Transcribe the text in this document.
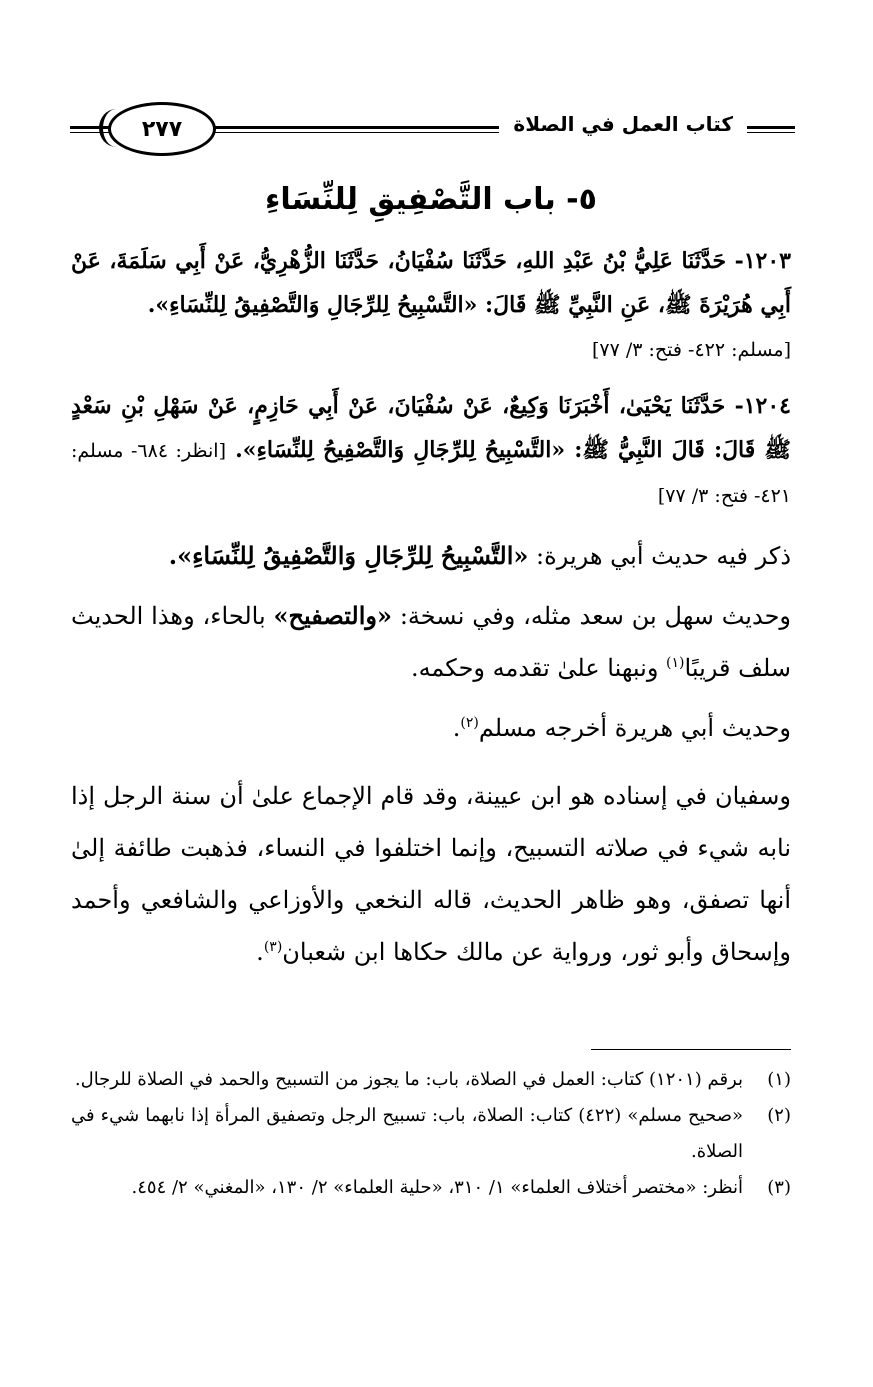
كتاب العمل في الصلاة
٢٧٧
٥- باب التَّصْفِيقِ لِلنِّسَاءِ

١٢٠٣- حَدَّثَنَا عَلِيُّ بْنُ عَبْدِ اللهِ، حَدَّثَنَا سُفْيَانُ، حَدَّثَنَا الزُّهْرِيُّ، عَنْ أَبِي سَلَمَةَ، عَنْ أَبِي هُرَيْرَةَ ﷺ، عَنِ النَّبِيِّ ﷺ قَالَ: «التَّسْبِيحُ لِلرِّجَالِ وَالتَّصْفِيقُ لِلنِّسَاءِ».
[مسلم: ٤٢٢- فتح: ٣/ ٧٧]

١٢٠٤- حَدَّثَنَا يَحْيَىٰ، أَخْبَرَنَا وَكِيعٌ، عَنْ سُفْيَانَ، عَنْ أَبِي حَازِمٍ، عَنْ سَهْلِ بْنِ سَعْدٍ ﷺ قَالَ: قَالَ النَّبِيُّ ﷺ: «التَّسْبِيحُ لِلرِّجَالِ وَالتَّصْفِيحُ لِلنِّسَاءِ». [انظر: ٦٨٤- مسلم: ٤٢١- فتح: ٣/ ٧٧]

ذكر فيه حديث أبي هريرة: «التَّسْبِيحُ لِلرِّجَالِ وَالتَّصْفِيقُ لِلنِّسَاءِ».

وحديث سهل بن سعد مثله، وفي نسخة: «والتصفيح» بالحاء، وهذا الحديث سلف قريبًا$^{(١)}$ ونبهنا علىٰ تقدمه وحكمه.

وحديث أبي هريرة أخرجه مسلم$^{(٢)}$.

وسفيان في إسناده هو ابن عيينة، وقد قام الإجماع علىٰ أن سنة الرجل إذا نابه شيء في صلاته التسبيح، وإنما اختلفوا في النساء، فذهبت طائفة إلىٰ أنها تصفق، وهو ظاهر الحديث، قاله النخعي والأوزاعي والشافعي وأحمد وإسحاق وأبو ثور، ورواية عن مالك حكاها ابن شعبان$^{(٣)}$.

(١)
برقم (١٢٠١) كتاب: العمل في الصلاة، باب: ما يجوز من التسبيح والحمد في الصلاة للرجال.

(٢)
«صحيح مسلم» (٤٢٢) كتاب: الصلاة، باب: تسبيح الرجل وتصفيق المرأة إذا نابهما شيء في الصلاة.

(٣)
أنظر: «مختصر أختلاف العلماء» ١/ ٣١٠، «حلية العلماء» ٢/ ١٣٠، «المغني» ٢/ ٤٥٤.
